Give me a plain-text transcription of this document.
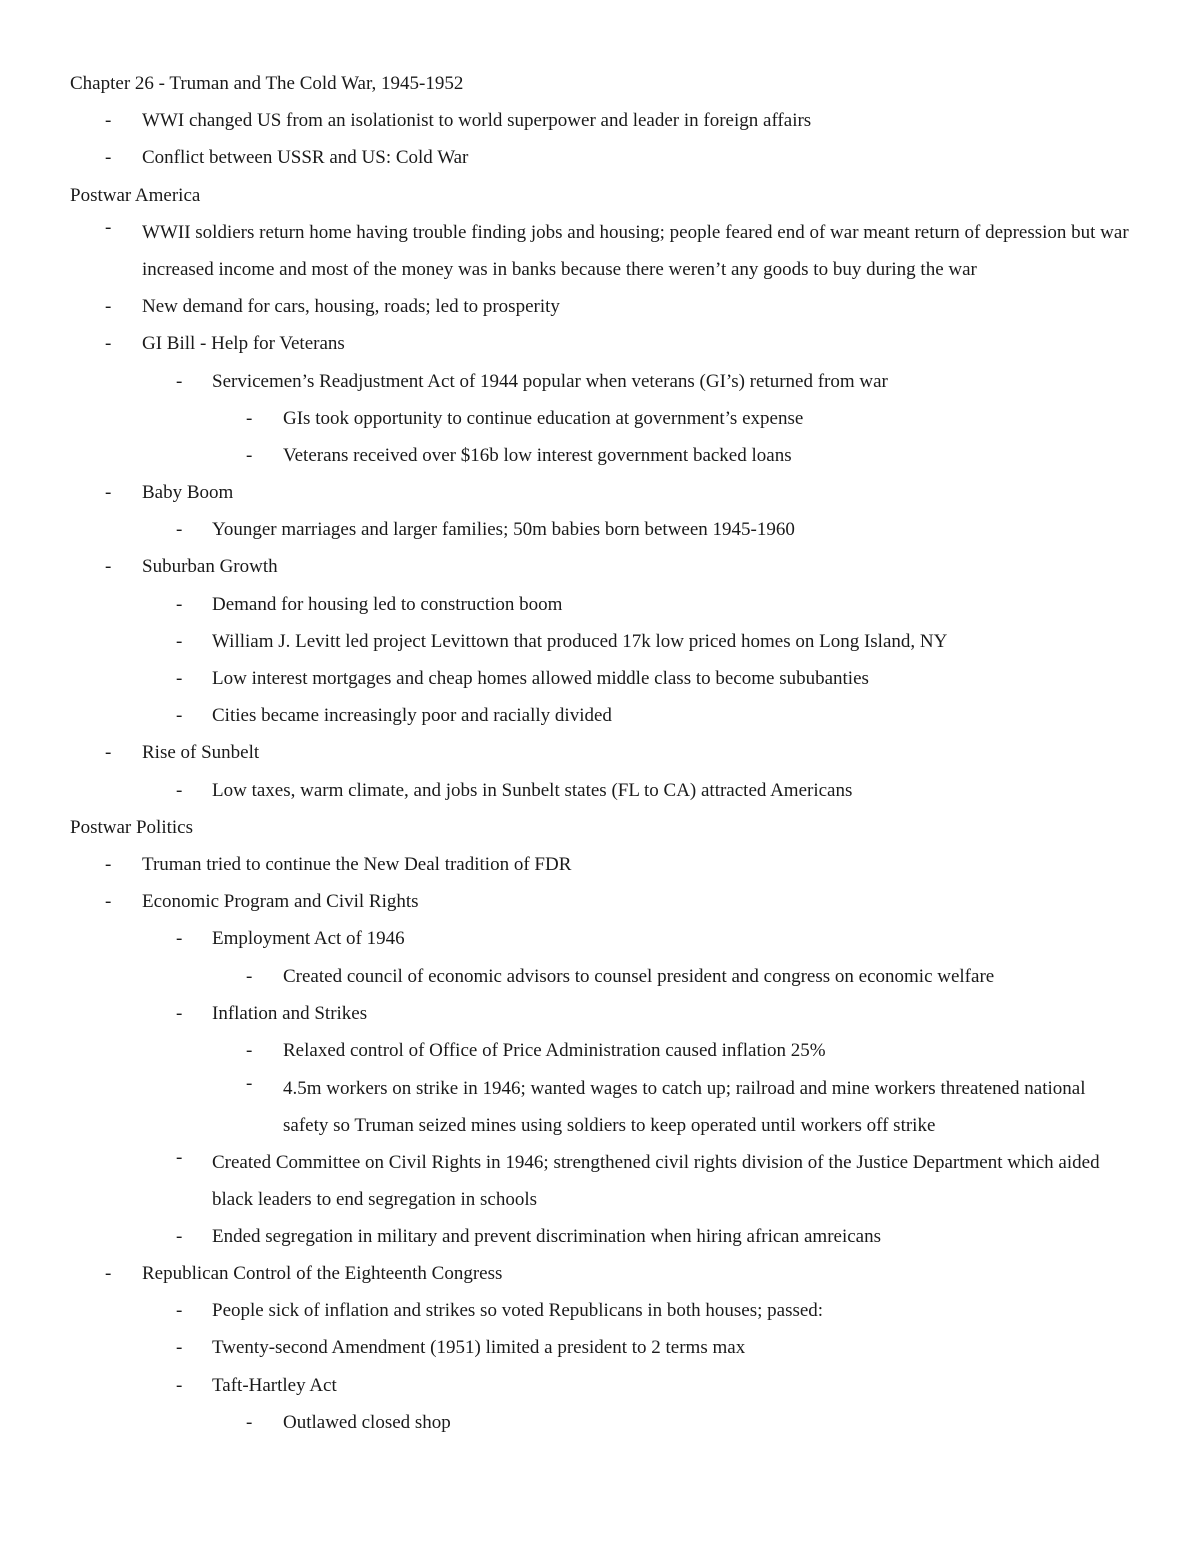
Chapter 26 - Truman and The Cold War, 1945-1952
- WWI changed US from an isolationist to world superpower and leader in foreign affairs
- Conflict between USSR and US: Cold War
Postwar America
- WWII soldiers return home having trouble finding jobs and housing; people feared end of war meant return of depression but war increased income and most of the money was in banks because there weren’t any goods to buy during the war
- New demand for cars, housing, roads; led to prosperity
- GI Bill - Help for Veterans
- Servicemen’s Readjustment Act of 1944 popular when veterans (GI’s) returned from war
- GIs took opportunity to continue education at government’s expense
- Veterans received over $16b low interest government backed loans
- Baby Boom
- Younger marriages and larger families; 50m babies born between 1945-1960
- Suburban Growth
- Demand for housing led to construction boom
- William J. Levitt led project Levittown that produced 17k low priced homes on Long Island, NY
- Low interest mortgages and cheap homes allowed middle class to become sububanties
- Cities became increasingly poor and racially divided
- Rise of Sunbelt
- Low taxes, warm climate, and jobs in Sunbelt states (FL to CA) attracted Americans
Postwar Politics
- Truman tried to continue the New Deal tradition of FDR
- Economic Program and Civil Rights
- Employment Act of 1946
- Created council of economic advisors to counsel president and congress on economic welfare
- Inflation and Strikes
- Relaxed control of Office of Price Administration caused inflation 25%
- 4.5m workers on strike in 1946; wanted wages to catch up; railroad and mine workers threatened national safety so Truman seized mines using soldiers to keep operated until workers off strike
- Created Committee on Civil Rights in 1946; strengthened civil rights division of the Justice Department which aided black leaders to end segregation in schools
- Ended segregation in military and prevent discrimination when hiring african amreicans
- Republican Control of the Eighteenth Congress
- People sick of inflation and strikes so voted Republicans in both houses; passed:
- Twenty-second Amendment (1951) limited a president to 2 terms max
- Taft-Hartley Act
- Outlawed closed shop
